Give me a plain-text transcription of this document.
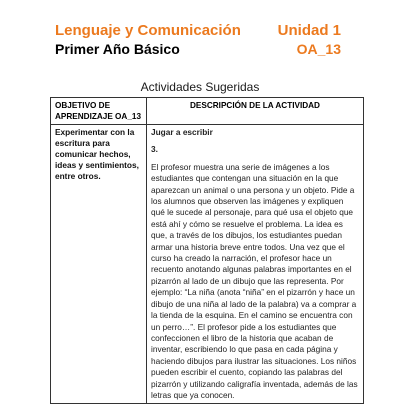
Lenguaje y Comunicación Unidad 1
Primer Año Básico	OA_13
Actividades Sugeridas
OBJETIVO DE APRENDIZAJE OA_13	DESCRIPCIÓN DE LA ACTIVIDAD
Experimentar con la escritura para comunicar hechos, ideas y sentimientos, entre otros.	Jugar a escribir
3.

El profesor muestra una serie de imágenes a los estudiantes que contengan una situación en la que aparezcan un animal o una persona y un objeto. Pide a los alumnos que observen las imágenes y expliquen qué le sucede al personaje, para qué usa el objeto que está ahí y cómo se resuelve el problema. La idea es que, a través de los dibujos, los estudiantes puedan armar una historia breve entre todos. Una vez que el curso ha creado la narración, el profesor hace un recuento anotando algunas palabras importantes en el pizarrón al lado de un dibujo que las representa. Por ejemplo: “La niña (anota “niña” en el pizarrón y hace un dibujo de una niña al lado de la palabra) va a comprar a la tienda de la esquina. En el camino se encuentra con un perro…”. El profesor pide a los estudiantes que confeccionen el libro de la historia que acaban de inventar, escribiendo lo que pasa en cada página y haciendo dibujos para ilustrar las situaciones. Los niños pueden escribir el cuento, copiando las palabras del pizarrón y utilizando caligrafía inventada, además de las letras que ya conocen.
